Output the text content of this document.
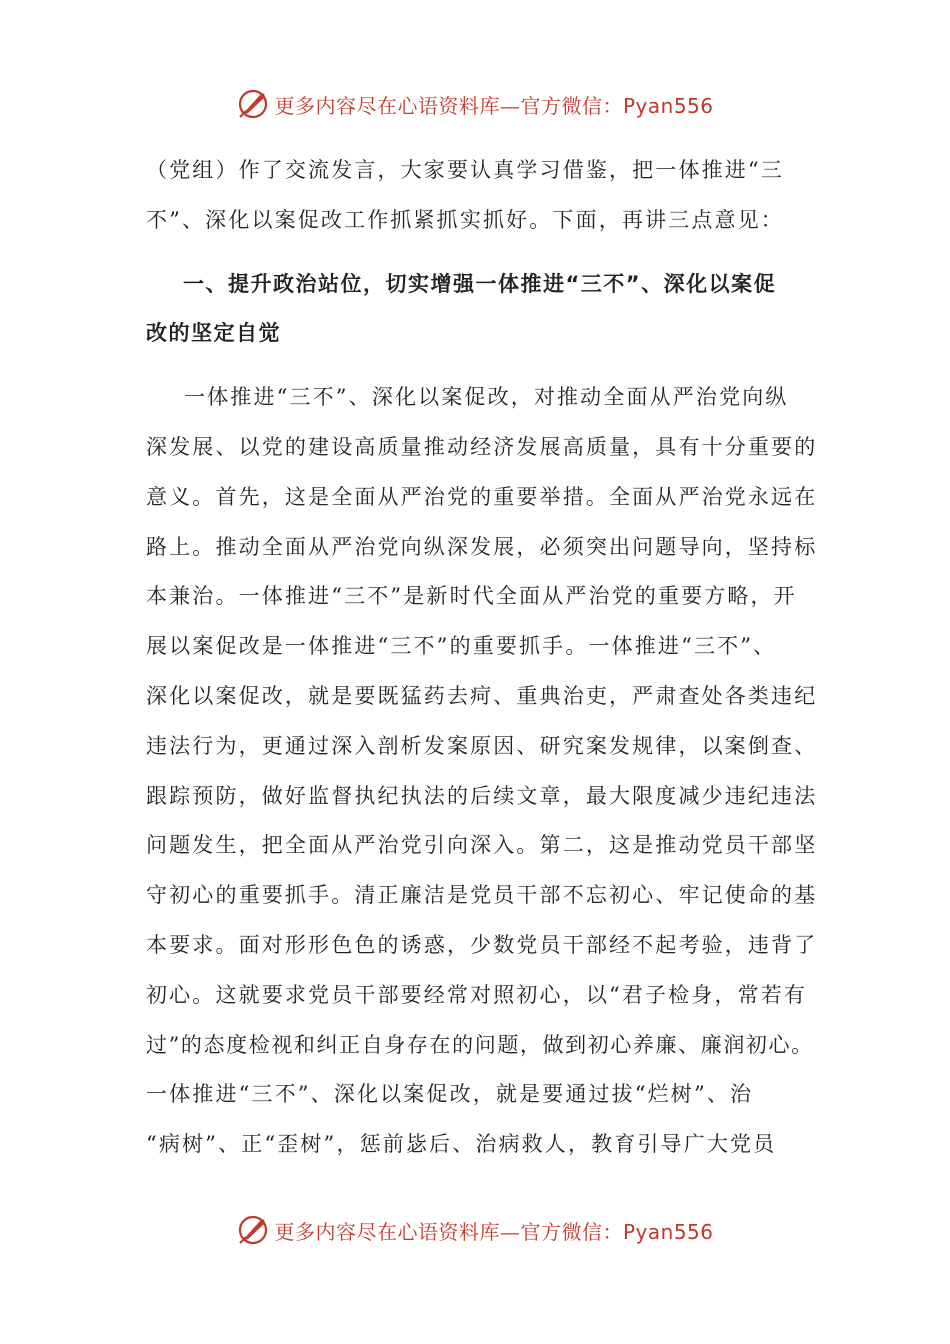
更多内容尽在心语资料库—官方微信：Pyan556
（党组）作了交流发言，大家要认真学习借鉴，把一体推进“三
不”、深化以案促改工作抓紧抓实抓好。下面，再讲三点意见：
一、提升政治站位，切实增强一体推进“三不”、深化以案促
改的坚定自觉
一体推进“三不”、深化以案促改，对推动全面从严治党向纵
深发展、以党的建设高质量推动经济发展高质量，具有十分重要的
意义。首先，这是全面从严治党的重要举措。全面从严治党永远在
路上。推动全面从严治党向纵深发展，必须突出问题导向，坚持标
本兼治。一体推进“三不”是新时代全面从严治党的重要方略，开
展以案促改是一体推进“三不”的重要抓手。一体推进“三不”、
深化以案促改，就是要既猛药去疴、重典治吏，严肃查处各类违纪
违法行为，更通过深入剖析发案原因、研究案发规律，以案倒查、
跟踪预防，做好监督执纪执法的后续文章，最大限度减少违纪违法
问题发生，把全面从严治党引向深入。第二，这是推动党员干部坚
守初心的重要抓手。清正廉洁是党员干部不忘初心、牢记使命的基
本要求。面对形形色色的诱惑，少数党员干部经不起考验，违背了
初心。这就要求党员干部要经常对照初心，以“君子检身，常若有
过”的态度检视和纠正自身存在的问题，做到初心养廉、廉润初心。
一体推进“三不”、深化以案促改，就是要通过拔“烂树”、治
“病树”、正“歪树”，惩前毖后、治病救人，教育引导广大党员
更多内容尽在心语资料库—官方微信：Pyan556
